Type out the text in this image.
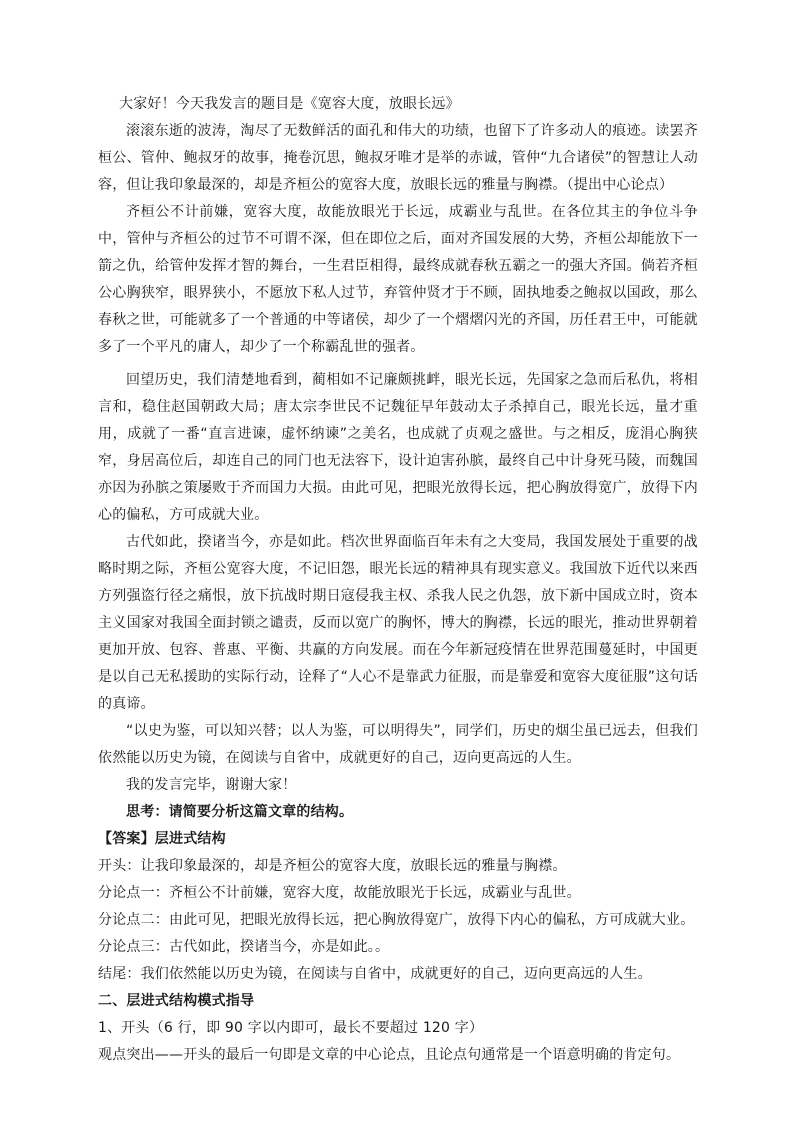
大家好！今天我发言的题目是《宽容大度，放眼长远》

滚滚东逝的波涛，淘尽了无数鲜活的面孔和伟大的功绩，也留下了许多动人的痕迹。读罢齐桓公、管仲、鲍叔牙的故事，掩卷沉思，鲍叔牙唯才是举的赤诚，管仲“九合诸侯”的智慧让人动容，但让我印象最深的，却是齐桓公的宽容大度，放眼长远的雅量与胸襟。（提出中心论点）

齐桓公不计前嫌，宽容大度，故能放眼光于长远，成霸业与乱世。在各位其主的争位斗争中，管仲与齐桓公的过节不可谓不深，但在即位之后，面对齐国发展的大势，齐桓公却能放下一箭之仇，给管仲发挥才智的舞台，一生君臣相得，最终成就春秋五霸之一的强大齐国。倘若齐桓公心胸狭窄，眼界狭小，不愿放下私人过节，弃管仲贤才于不顾，固执地委之鲍叔以国政，那么春秋之世，可能就多了一个普通的中等诸侯，却少了一个熠熠闪光的齐国，历任君王中，可能就多了一个平凡的庸人，却少了一个称霸乱世的强者。

回望历史，我们清楚地看到，蔺相如不记廉颇挑衅，眼光长远，先国家之急而后私仇，将相言和，稳住赵国朝政大局；唐太宗李世民不记魏征早年鼓动太子杀掉自己，眼光长远，量才重用，成就了一番“直言进谏，虚怀纳谏”之美名，也成就了贞观之盛世。与之相反，庞涓心胸狭窄，身居高位后，却连自己的同门也无法容下，设计迫害孙膑，最终自己中计身死马陵，而魏国亦因为孙膑之策屡败于齐而国力大损。由此可见，把眼光放得长远，把心胸放得宽广，放得下内心的偏私，方可成就大业。

古代如此，揆诸当今，亦是如此。档次世界面临百年未有之大变局，我国发展处于重要的战略时期之际，齐桓公宽容大度，不记旧怨，眼光长远的精神具有现实意义。我国放下近代以来西方列强盗行径之痛恨，放下抗战时期日寇侵我主权、杀我人民之仇怨，放下新中国成立时，资本主义国家对我国全面封锁之谴责，反而以宽广的胸怀，博大的胸襟，长远的眼光，推动世界朝着更加开放、包容、普惠、平衡、共赢的方向发展。而在今年新冠疫情在世界范围蔓延时，中国更是以自己无私援助的实际行动，诠释了“人心不是靠武力征服，而是靠爱和宽容大度征服”这句话的真谛。

“以史为鉴，可以知兴替；以人为鉴，可以明得失”，同学们，历史的烟尘虽已远去，但我们依然能以历史为镜，在阅读与自省中，成就更好的自己，迈向更高远的人生。

我的发言完毕，谢谢大家！

思考：请简要分析这篇文章的结构。

【答案】层进式结构

开头：让我印象最深的，却是齐桓公的宽容大度，放眼长远的雅量与胸襟。

分论点一：齐桓公不计前嫌，宽容大度，故能放眼光于长远，成霸业与乱世。

分论点二：由此可见，把眼光放得长远，把心胸放得宽广，放得下内心的偏私，方可成就大业。

分论点三：古代如此，揆诸当今，亦是如此。。

结尾：我们依然能以历史为镜，在阅读与自省中，成就更好的自己，迈向更高远的人生。

二、层进式结构模式指导

1、开头（6 行，即 90 字以内即可，最长不要超过 120 字）

观点突出——开头的最后一句即是文章的中心论点，且论点句通常是一个语意明确的肯定句。
